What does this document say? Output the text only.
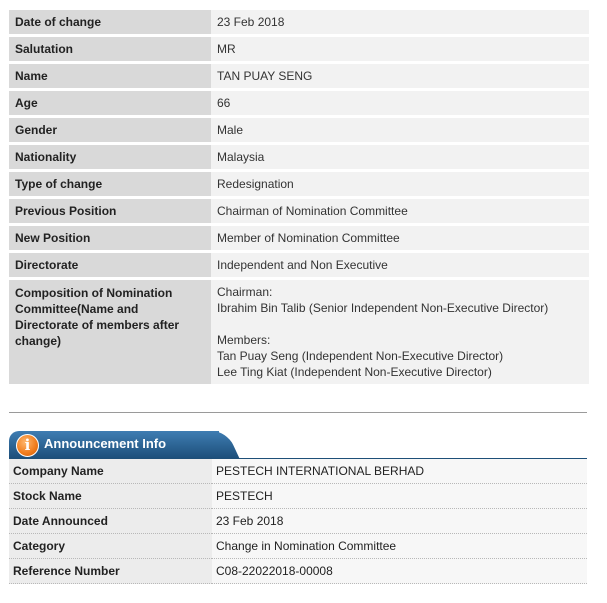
Date of change	23 Feb 2018
Salutation	MR
Name	TAN PUAY SENG
Age	66
Gender	Male
Nationality	Malaysia
Type of change	Redesignation
Previous Position	Chairman of Nomination Committee
New Position	Member of Nomination Committee
Directorate	Independent and Non Executive
Composition of Nomination Committee(Name and Directorate of members after change)	Chairman:
Ibrahim Bin Talib (Senior Independent Non-Executive Director)
Members:
Tan Puay Seng (Independent Non-Executive Director)
Lee Ting Kiat (Independent Non-Executive Director)
i	Announcement Info
Company Name	PESTECH INTERNATIONAL BERHAD
Stock Name	PESTECH
Date Announced	23 Feb 2018
Category	Change in Nomination Committee
Reference Number	C08-22022018-00008
